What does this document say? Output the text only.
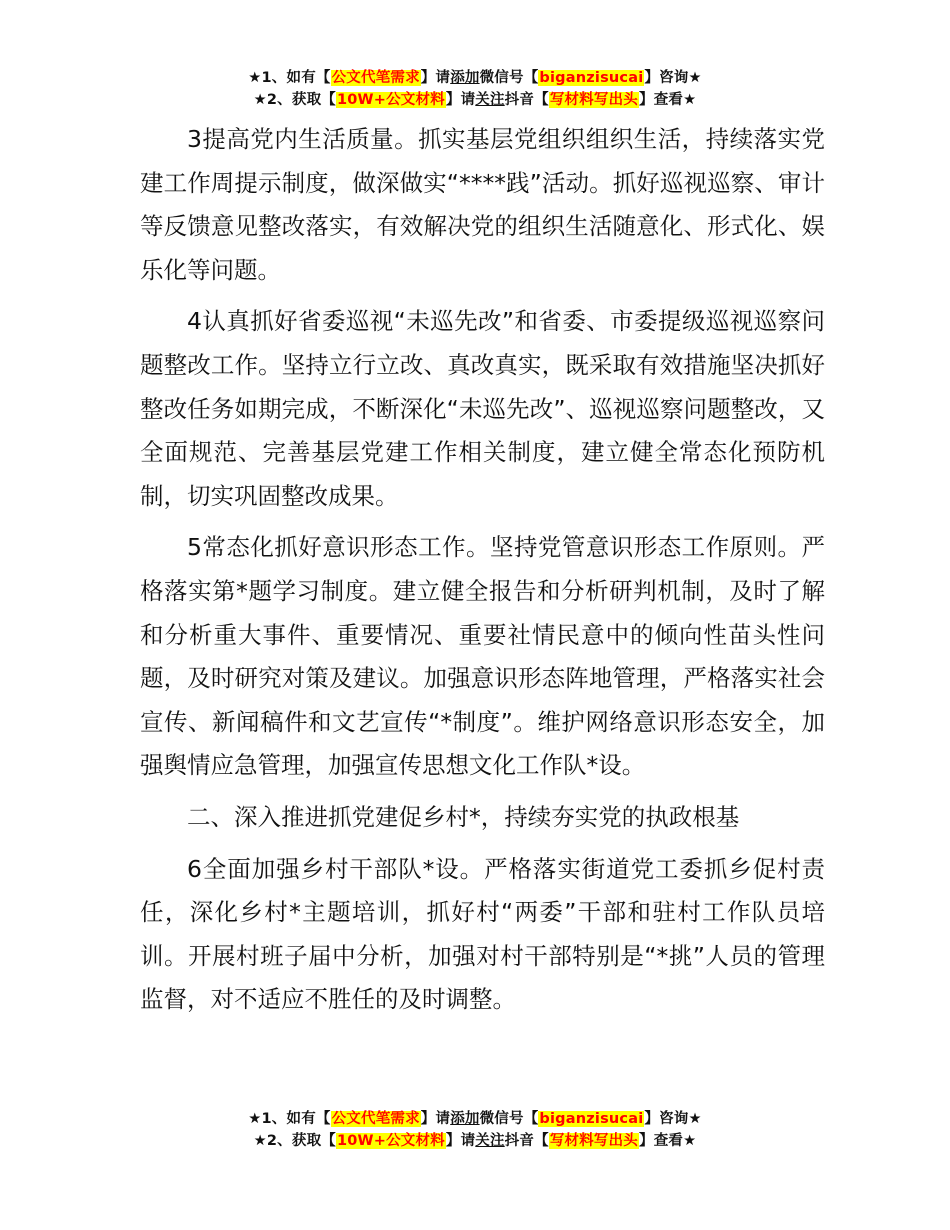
★1、如有【公文代笔需求】请添加微信号【biganzisucai】咨询★
★2、获取【10W+公文材料】请关注抖音【写材料写出头】查看★

3提高党内生活质量。抓实基层党组织组织生活，持续落实党建工作周提示制度，做深做实“****践”活动。抓好巡视巡察、审计等反馈意见整改落实，有效解决党的组织生活随意化、形式化、娱乐化等问题。

4认真抓好省委巡视“未巡先改”和省委、市委提级巡视巡察问题整改工作。坚持立行立改、真改真实，既采取有效措施坚决抓好整改任务如期完成，不断深化“未巡先改”、巡视巡察问题整改，又全面规范、完善基层党建工作相关制度，建立健全常态化预防机制，切实巩固整改成果。

5常态化抓好意识形态工作。坚持党管意识形态工作原则。严格落实第*题学习制度。建立健全报告和分析研判机制，及时了解和分析重大事件、重要情况、重要社情民意中的倾向性苗头性问题，及时研究对策及建议。加强意识形态阵地管理，严格落实社会宣传、新闻稿件和文艺宣传“*制度”。维护网络意识形态安全，加强舆情应急管理，加强宣传思想文化工作队*设。

二、深入推进抓党建促乡村*，持续夯实党的执政根基

6全面加强乡村干部队*设。严格落实街道党工委抓乡促村责任，深化乡村*主题培训，抓好村“两委”干部和驻村工作队员培训。开展村班子届中分析，加强对村干部特别是“*挑”人员的管理监督，对不适应不胜任的及时调整。

★1、如有【公文代笔需求】请添加微信号【biganzisucai】咨询★
★2、获取【10W+公文材料】请关注抖音【写材料写出头】查看★
